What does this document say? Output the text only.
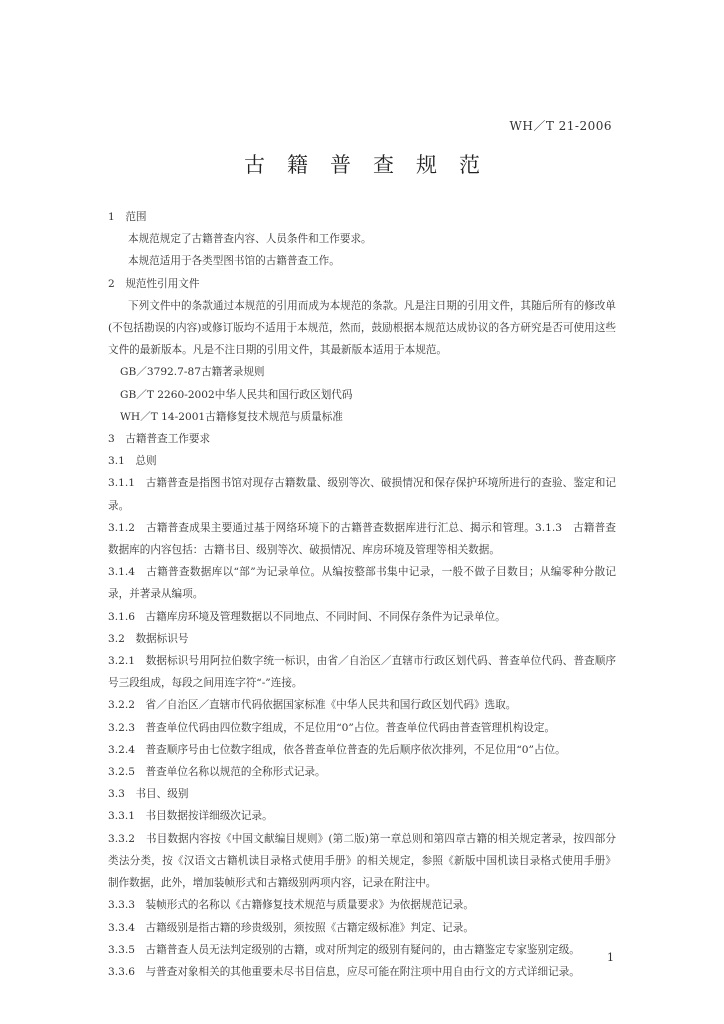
WH／T 21-2006
古籍普查规范
1　范围
本规范规定了古籍普查内容、人员条件和工作要求。
本规范适用于各类型图书馆的古籍普查工作。
2　规范性引用文件
下列文件中的条款通过本规范的引用而成为本规范的条款。凡是注日期的引用文件，其随后所有的修改单(不包括勘误的内容)或修订版均不适用于本规范，然而，鼓励根据本规范达成协议的各方研究是否可使用这些文件的最新版本。凡是不注日期的引用文件，其最新版本适用于本规范。
GB／3792.7-87古籍著录规则
GB／T 2260-2002中华人民共和国行政区划代码
WH／T 14-2001古籍修复技术规范与质量标准
3　古籍普查工作要求
3.1　总则
3.1.1　古籍普查是指图书馆对现存古籍数量、级别等次、破损情况和保存保护环境所进行的查验、鉴定和记录。
3.1.2　古籍普查成果主要通过基于网络环境下的古籍普查数据库进行汇总、揭示和管理。3.1.3　古籍普查数据库的内容包括：古籍书目、级别等次、破损情况、库房环境及管理等相关数据。
3.1.4　古籍普查数据库以“部”为记录单位。从编按整部书集中记录，一般不做子目数目；从编零种分散记录，并著录从编项。
3.1.6　古籍库房环境及管理数据以不同地点、不同时间、不同保存条件为记录单位。
3.2　数据标识号
3.2.1　数据标识号用阿拉伯数字统一标识，由省／自治区／直辖市行政区划代码、普查单位代码、普查顺序号三段组成，每段之间用连字符“-”连接。
3.2.2　省／自治区／直辖市代码依据国家标准《中华人民共和国行政区划代码》选取。
3.2.3　普查单位代码由四位数字组成，不足位用“0”占位。普查单位代码由普查管理机构设定。
3.2.4　普查顺序号由七位数字组成，依各普查单位普查的先后顺序依次排列，不足位用“0”占位。
3.2.5　普查单位名称以规范的全称形式记录。
3.3　书目、级别
3.3.1　书目数据按详细级次记录。
3.3.2　书目数据内容按《中国文献编目规则》(第二版)第一章总则和第四章古籍的相关规定著录，按四部分类法分类，按《汉语文古籍机读目录格式使用手册》的相关规定，参照《新版中国机读目录格式使用手册》制作数据，此外，增加装帧形式和古籍级别两项内容，记录在附注中。
3.3.3　装帧形式的名称以《古籍修复技术规范与质量要求》为依据规范记录。
3.3.4　古籍级别是指古籍的珍贵级别，须按照《古籍定级标准》判定、记录。
3.3.5　古籍普查人员无法判定级别的古籍，或对所判定的级别有疑问的，由古籍鉴定专家鉴别定级。
3.3.6　与普查对象相关的其他重要未尽书目信息，应尽可能在附注项中用自由行文的方式详细记录。
1
